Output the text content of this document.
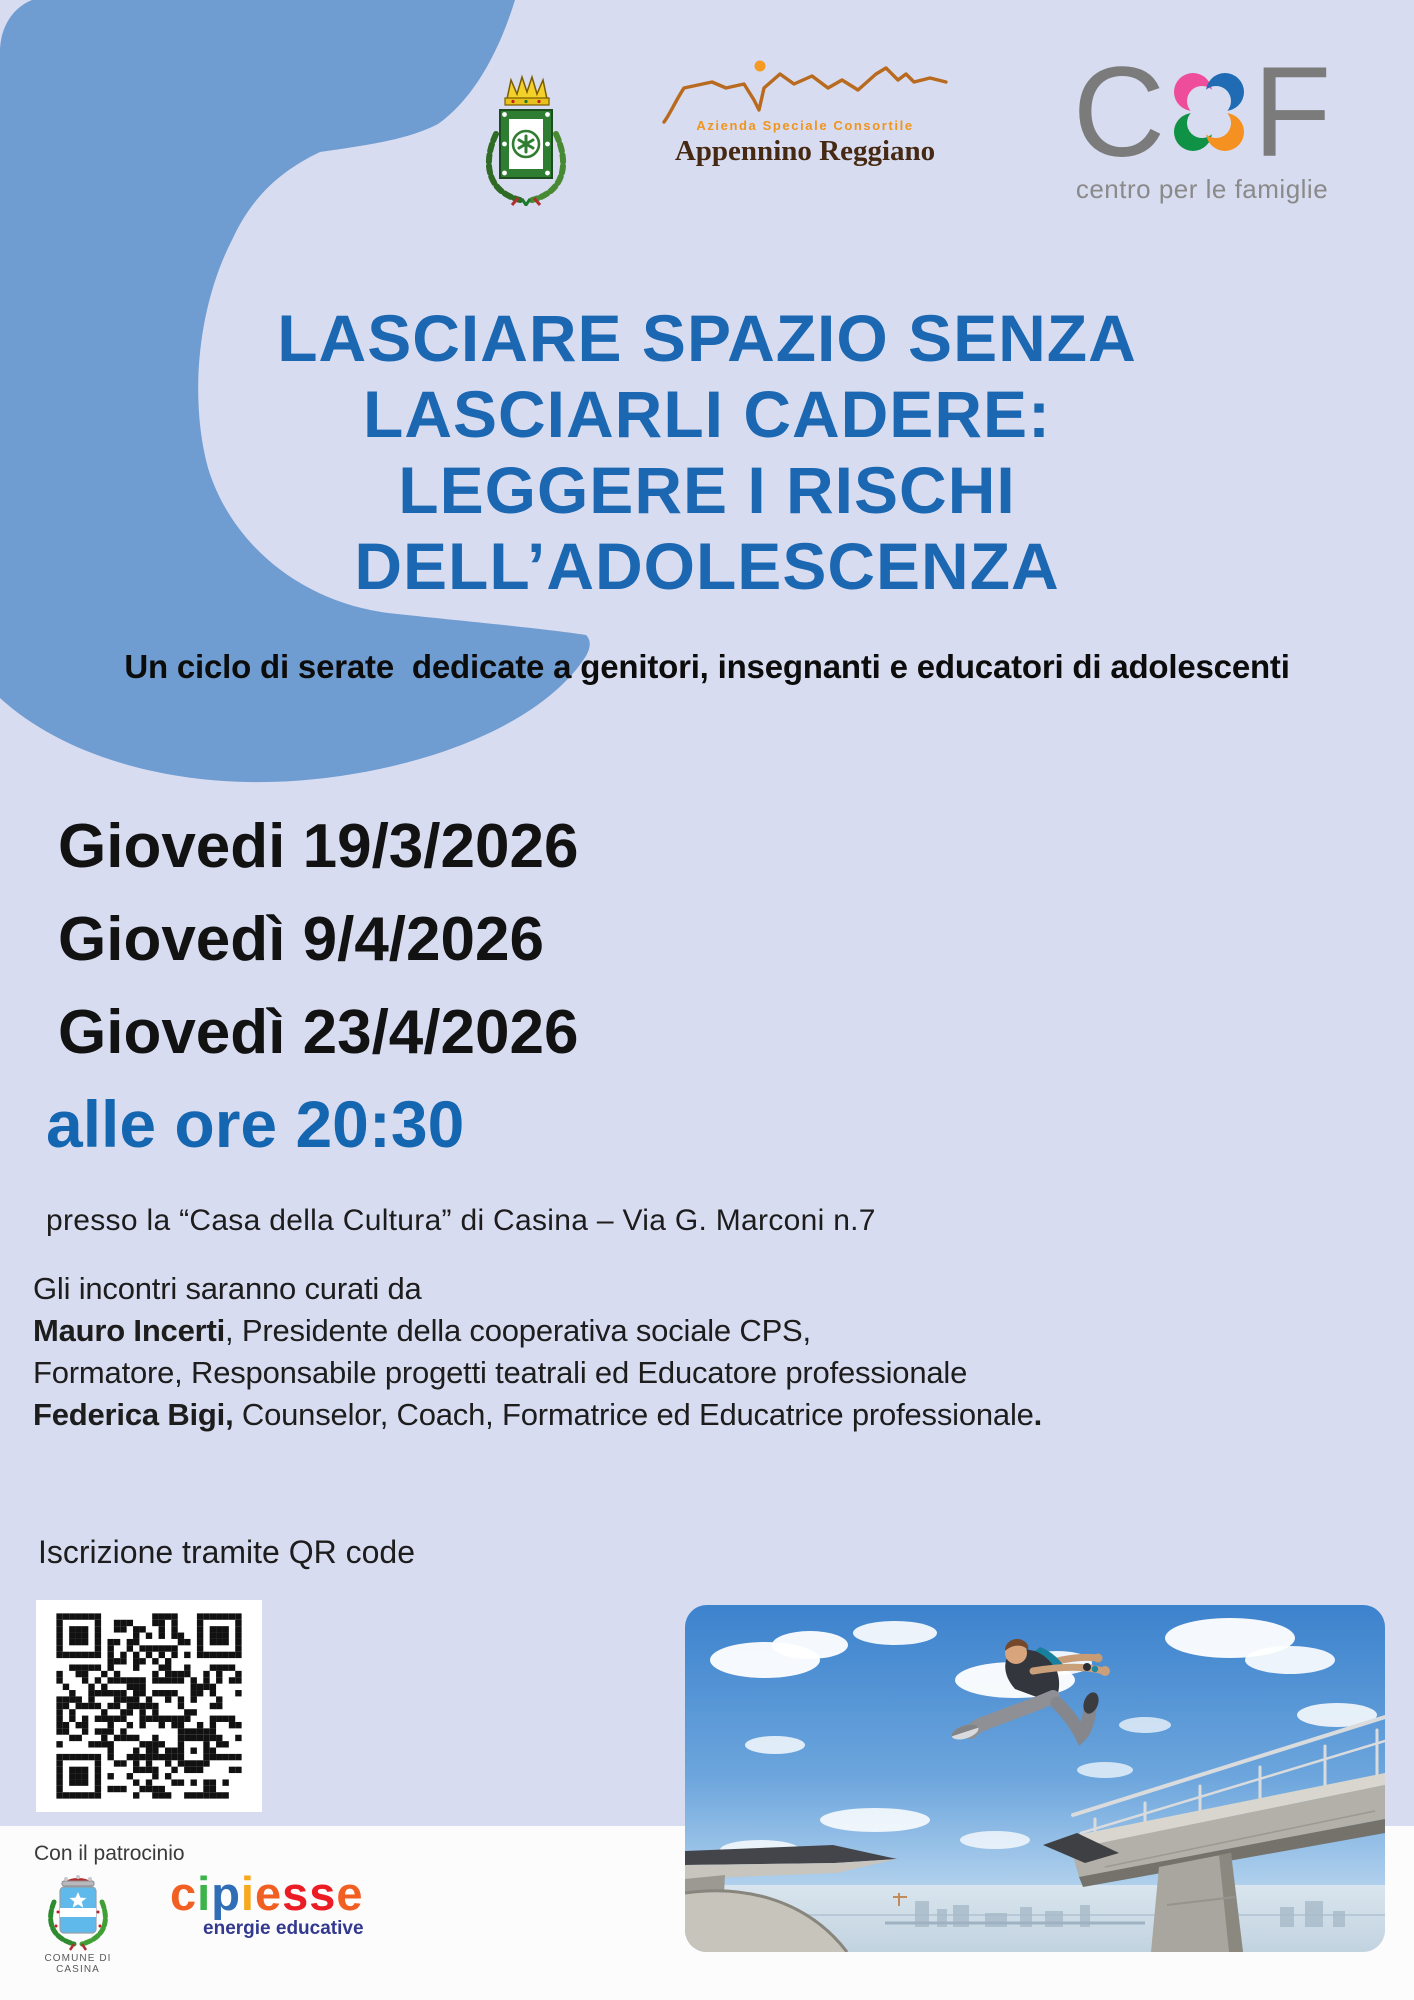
Azienda Speciale Consortile
Appennino Reggiano C F
centro per le famiglie
LASCIARE SPAZIO SENZA
LASCIARLI CADERE:
LEGGERE I RISCHI
DELL’ADOLESCENZA
Un ciclo di serate  dedicate a genitori, insegnanti e educatori di adolescenti
Giovedi 19/3/2026
Giovedì 9/4/2026
Giovedì 23/4/2026
alle ore 20:30
presso la “Casa della Cultura” di Casina – Via G. Marconi n.7
Gli incontri saranno curati da
Mauro Incerti, Presidente della cooperativa sociale CPS,
Formatore, Responsabile progetti teatrali ed Educatore professionale
Federica Bigi, Counselor, Coach, Formatrice ed Educatrice professionale.
Iscrizione tramite QR code
Con il patrocinio
COMUNE DI CASINA
cipiesse
energie educative
